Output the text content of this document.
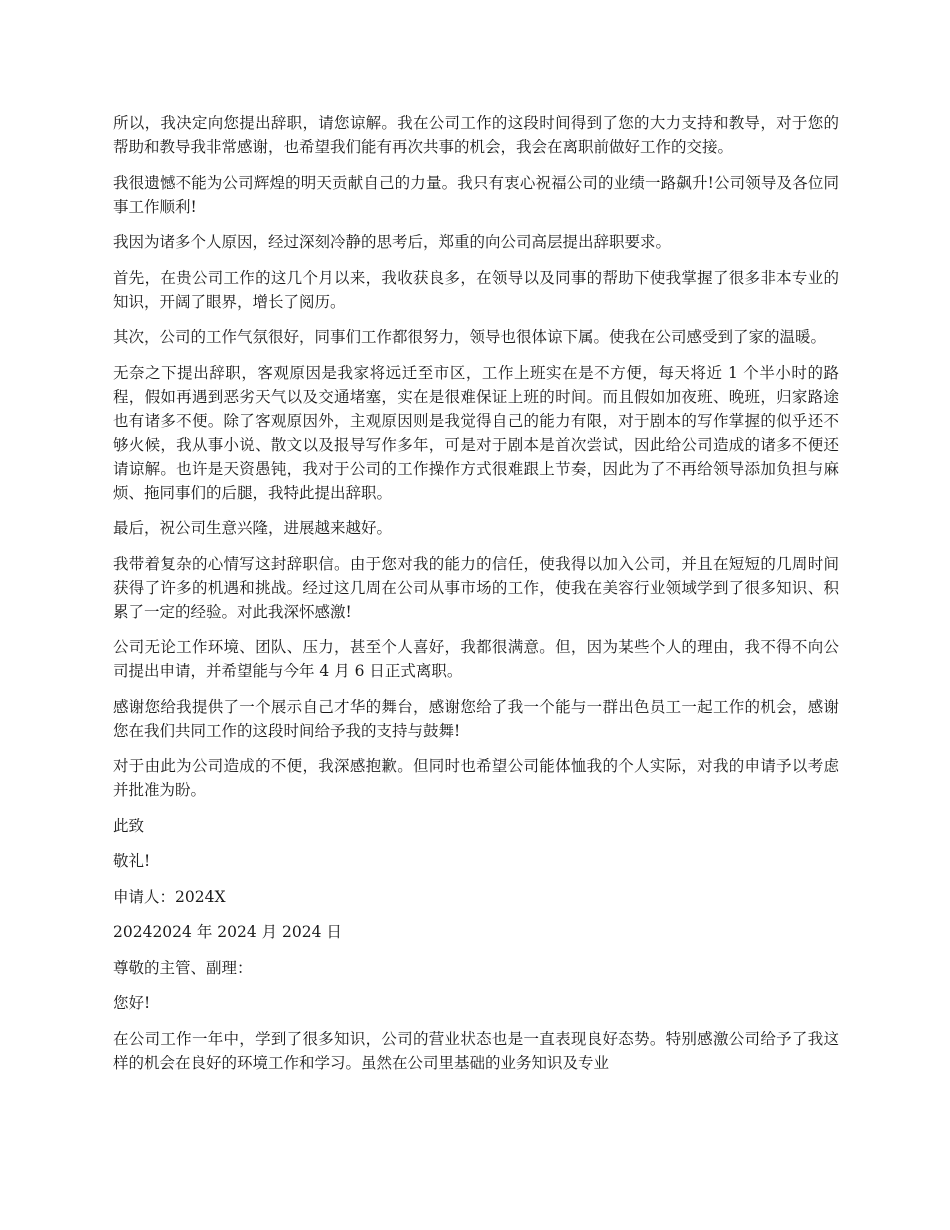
所以，我决定向您提出辞职，请您谅解。我在公司工作的这段时间得到了您的大力支持和教导，对于您的帮助和教导我非常感谢，也希望我们能有再次共事的机会，我会在离职前做好工作的交接。

我很遗憾不能为公司辉煌的明天贡献自己的力量。我只有衷心祝福公司的业绩一路飙升!公司领导及各位同事工作顺利!

我因为诸多个人原因，经过深刻冷静的思考后，郑重的向公司高层提出辞职要求。

首先，在贵公司工作的这几个月以来，我收获良多，在领导以及同事的帮助下使我掌握了很多非本专业的知识，开阔了眼界，增长了阅历。

其次，公司的工作气氛很好，同事们工作都很努力，领导也很体谅下属。使我在公司感受到了家的温暖。

无奈之下提出辞职，客观原因是我家将远迁至市区，工作上班实在是不方便，每天将近 1 个半小时的路程，假如再遇到恶劣天气以及交通堵塞，实在是很难保证上班的时间。而且假如加夜班、晚班，归家路途也有诸多不便。除了客观原因外，主观原因则是我觉得自己的能力有限，对于剧本的写作掌握的似乎还不够火候，我从事小说、散文以及报导写作多年，可是对于剧本是首次尝试，因此给公司造成的诸多不便还请谅解。也许是天资愚钝，我对于公司的工作操作方式很难跟上节奏，因此为了不再给领导添加负担与麻烦、拖同事们的后腿，我特此提出辞职。

最后，祝公司生意兴隆，进展越来越好。

我带着复杂的心情写这封辞职信。由于您对我的能力的信任，使我得以加入公司，并且在短短的几周时间获得了许多的机遇和挑战。经过这几周在公司从事市场的工作，使我在美容行业领域学到了很多知识、积累了一定的经验。对此我深怀感激!

公司无论工作环境、团队、压力，甚至个人喜好，我都很满意。但，因为某些个人的理由，我不得不向公司提出申请，并希望能与今年 4 月 6 日正式离职。

感谢您给我提供了一个展示自己才华的舞台，感谢您给了我一个能与一群出色员工一起工作的机会，感谢您在我们共同工作的这段时间给予我的支持与鼓舞!

对于由此为公司造成的不便，我深感抱歉。但同时也希望公司能体恤我的个人实际，对我的申请予以考虑并批准为盼。

此致

敬礼!

申请人：2024X

20242024 年 2024 月 2024 日

尊敬的主管、副理：

您好!

在公司工作一年中，学到了很多知识，公司的营业状态也是一直表现良好态势。特别感激公司给予了我这样的机会在良好的环境工作和学习。虽然在公司里基础的业务知识及专业
